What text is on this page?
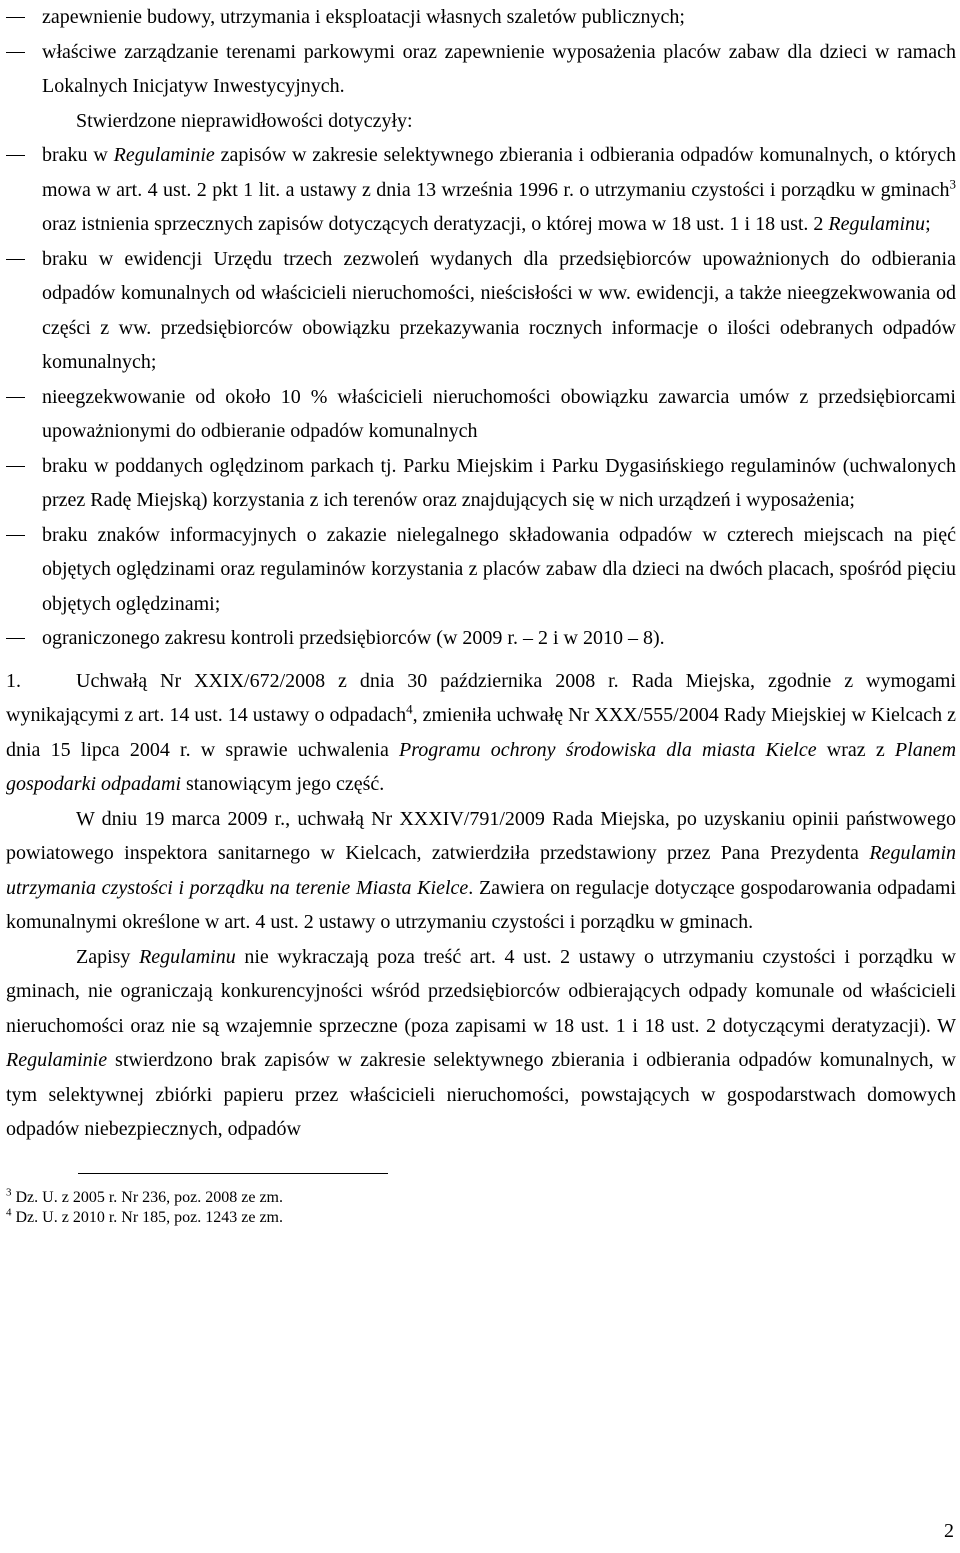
zapewnienie budowy, utrzymania i eksploatacji własnych szaletów publicznych;
właściwe zarządzanie terenami parkowymi oraz zapewnienie wyposażenia placów zabaw dla dzieci w ramach Lokalnych Inicjatyw Inwestycyjnych.

Stwierdzone nieprawidłowości dotyczyły:

braku w Regulaminie zapisów w zakresie selektywnego zbierania i odbierania odpadów komunalnych, o których mowa w art. 4 ust. 2 pkt 1 lit. a ustawy z dnia 13 września 1996 r. o utrzymaniu czystości i porządku w gminach$^3$ oraz istnienia sprzecznych zapisów dotyczących deratyzacji, o której mowa w 18 ust. 1 i 18 ust. 2 Regulaminu;
braku w ewidencji Urzędu trzech zezwoleń wydanych dla przedsiębiorców upoważnionych do odbierania odpadów komunalnych od właścicieli nieruchomości, nieścisłości w ww. ewidencji, a także nieegzekwowania od części z ww. przedsiębiorców obowiązku przekazywania rocznych informacje o ilości odebranych odpadów komunalnych;
nieegzekwowanie od około 10 % właścicieli nieruchomości obowiązku zawarcia umów z przedsiębiorcami upoważnionymi do odbieranie odpadów komunalnych
braku w poddanych oględzinom parkach tj. Parku Miejskim i Parku Dygasińskiego regulaminów (uchwalonych przez Radę Miejską) korzystania z ich terenów oraz znajdujących się w nich urządzeń i wyposażenia;
braku znaków informacyjnych o zakazie nielegalnego składowania odpadów w czterech miejscach na pięć objętych oględzinami oraz regulaminów korzystania z placów zabaw dla dzieci na dwóch placach, spośród pięciu objętych oględzinami;
ograniczonego zakresu kontroli przedsiębiorców (w 2009 r. – 2 i w 2010 – 8).

1.	Uchwałą Nr XXIX/672/2008 z dnia 30 października 2008 r. Rada Miejska, zgodnie z wymogami wynikającymi z art. 14 ust. 14 ustawy o odpadach$^4$, zmieniła uchwałę Nr XXX/555/2004 Rady Miejskiej w Kielcach z dnia 15 lipca 2004 r. w sprawie uchwalenia Programu ochrony środowiska dla miasta Kielce wraz z Planem gospodarki odpadami stanowiącym jego część.

W dniu 19 marca 2009 r., uchwałą Nr XXXIV/791/2009 Rada Miejska, po uzyskaniu opinii państwowego powiatowego inspektora sanitarnego w Kielcach, zatwierdziła przedstawiony przez Pana Prezydenta Regulamin utrzymania czystości i porządku na terenie Miasta Kielce. Zawiera on regulacje dotyczące gospodarowania odpadami komunalnymi określone w art. 4 ust. 2 ustawy o utrzymaniu czystości i porządku w gminach.

Zapisy Regulaminu nie wykraczają poza treść art. 4 ust. 2 ustawy o utrzymaniu czystości i porządku w gminach, nie ograniczają konkurencyjności wśród przedsiębiorców odbierających odpady komunale od właścicieli nieruchomości oraz nie są wzajemnie sprzeczne (poza zapisami w 18 ust. 1 i 18 ust. 2 dotyczącymi deratyzacji). W Regulaminie stwierdzono brak zapisów w zakresie selektywnego zbierania i odbierania odpadów komunalnych, w tym selektywnej zbiórki papieru przez właścicieli nieruchomości, powstających w gospodarstwach domowych odpadów niebezpiecznych, odpadów

$^3$ Dz. U. z 2005 r. Nr 236, poz. 2008 ze zm.
$^4$ Dz. U. z 2010 r. Nr 185, poz. 1243 ze zm.
2
